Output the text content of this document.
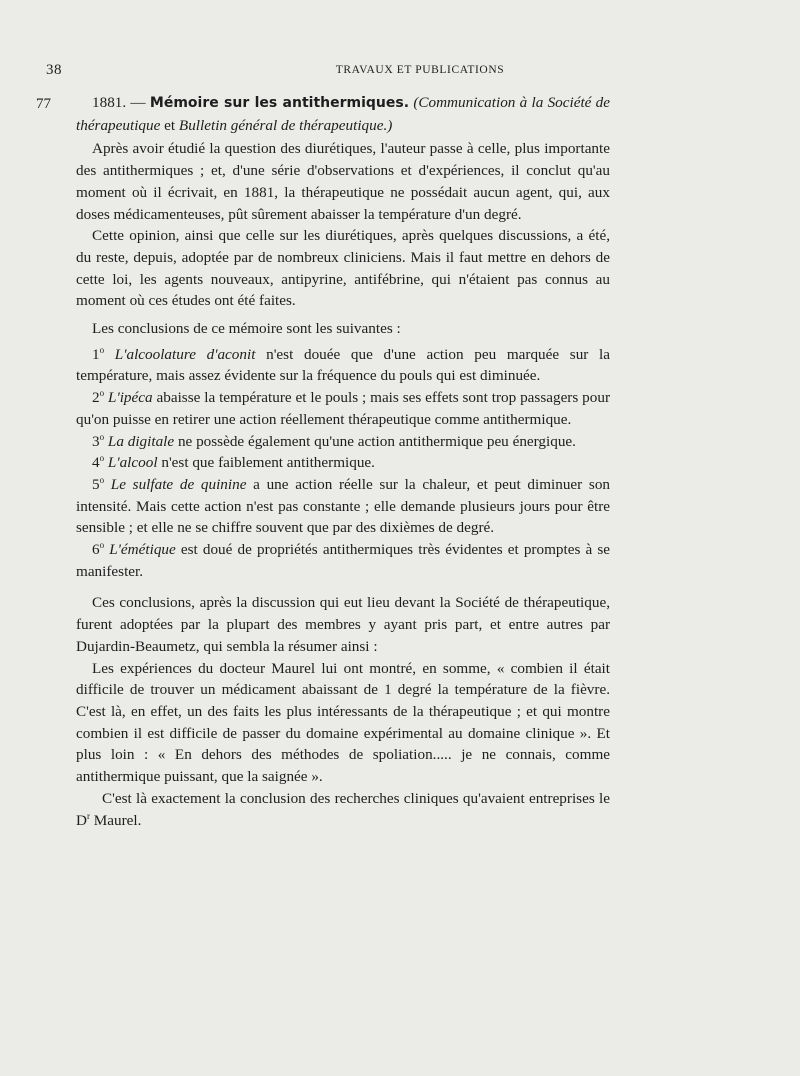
38	TRAVAUX ET PUBLICATIONS
77	1881. — Mémoire sur les antithermiques. (Communication à la Société de thérapeutique et Bulletin général de thérapeutique.)

Après avoir étudié la question des diurétiques, l'auteur passe à celle, plus importante des antithermiques ; et, d'une série d'observations et d'expériences, il conclut qu'au moment où il écrivait, en 1881, la thérapeutique ne possédait aucun agent, qui, aux doses médicamenteuses, pût sûrement abaisser la température d'un degré.

Cette opinion, ainsi que celle sur les diurétiques, après quelques discussions, a été, du reste, depuis, adoptée par de nombreux cliniciens. Mais il faut mettre en dehors de cette loi, les agents nouveaux, antipyrine, antifébrine, qui n'étaient pas connus au moment où ces études ont été faites.

Les conclusions de ce mémoire sont les suivantes :

1$^o$ L'alcoolature d'aconit n'est douée que d'une action peu marquée sur la température, mais assez évidente sur la fréquence du pouls qui est diminuée.

2$^o$ L'ipéca abaisse la température et le pouls ; mais ses effets sont trop passagers pour qu'on puisse en retirer une action réellement thérapeutique comme antithermique.

3$^o$ La digitale ne possède également qu'une action antithermique peu énergique.

4$^o$ L'alcool n'est que faiblement antithermique.

5$^o$ Le sulfate de quinine a une action réelle sur la chaleur, et peut diminuer son intensité. Mais cette action n'est pas constante ; elle demande plusieurs jours pour être sensible ; et elle ne se chiffre souvent que par des dixièmes de degré.

6$^o$ L'émétique est doué de propriétés antithermiques très évidentes et promptes à se manifester.

Ces conclusions, après la discussion qui eut lieu devant la Société de thérapeutique, furent adoptées par la plupart des membres y ayant pris part, et entre autres par Dujardin-Beaumetz, qui sembla la résumer ainsi :

Les expériences du docteur Maurel lui ont montré, en somme, « combien il était difficile de trouver un médicament abaissant de 1 degré la température de la fièvre. C'est là, en effet, un des faits les plus intéressants de la thérapeutique ; et qui montre combien il est difficile de passer du domaine expérimental au domaine clinique ». Et plus loin : « En dehors des méthodes de spoliation..... je ne connais, comme antithermique puissant, que la saignée ».

C'est là exactement la conclusion des recherches cliniques qu'avaient entreprises le $D^r$ Maurel.
